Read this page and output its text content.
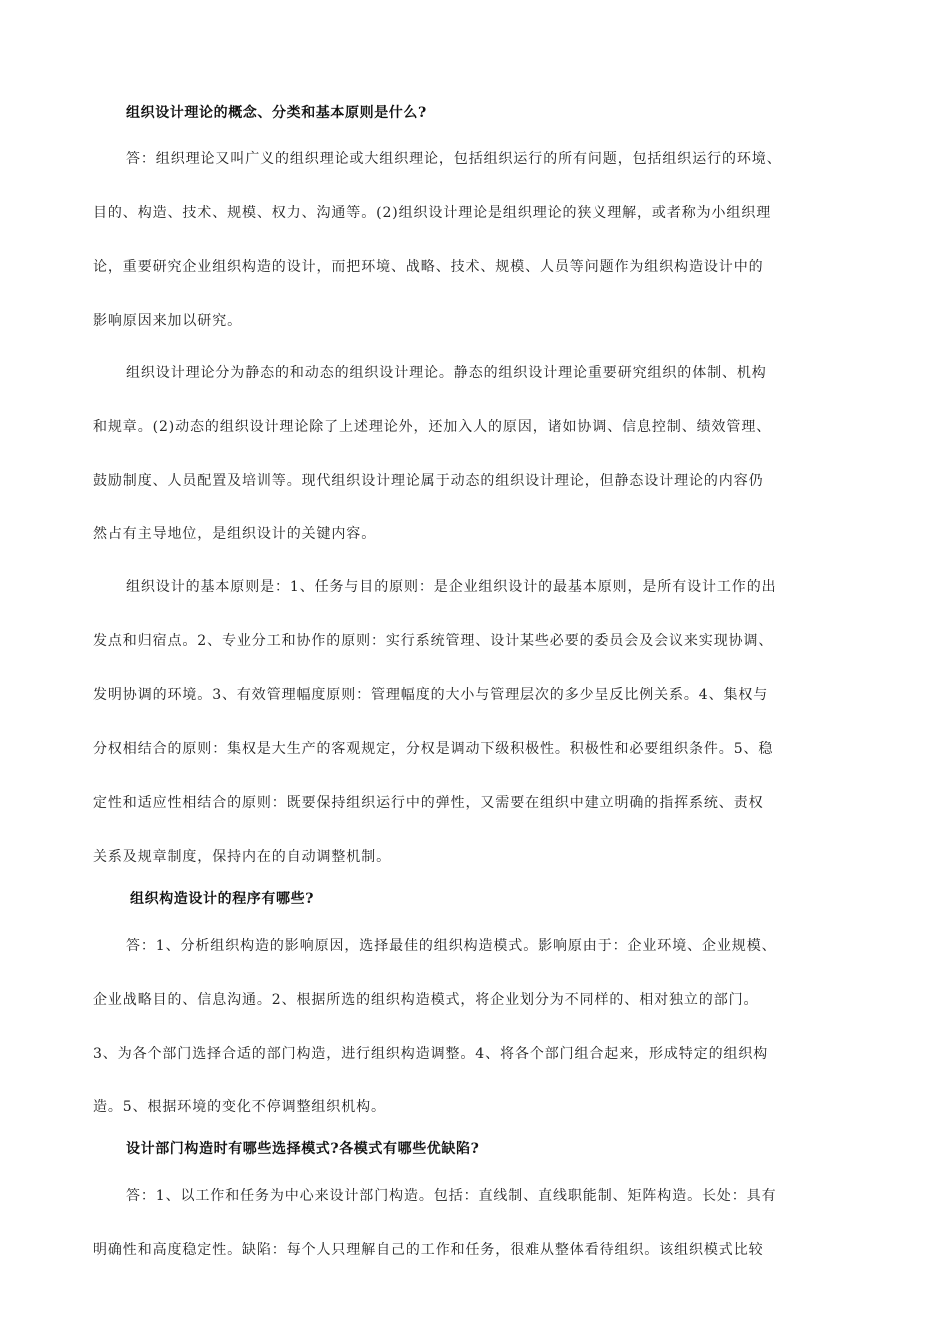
组织设计理论的概念、分类和基本原则是什么?
答：组织理论又叫广义的组织理论或大组织理论，包括组织运行的所有问题，包括组织运行的环境、
目的、构造、技术、规模、权力、沟通等。(2)组织设计理论是组织理论的狭义理解，或者称为小组织理
论，重要研究企业组织构造的设计，而把环境、战略、技术、规模、人员等问题作为组织构造设计中的
影响原因来加以研究。
组织设计理论分为静态的和动态的组织设计理论。静态的组织设计理论重要研究组织的体制、机构
和规章。(2)动态的组织设计理论除了上述理论外，还加入人的原因，诸如协调、信息控制、绩效管理、
鼓励制度、人员配置及培训等。现代组织设计理论属于动态的组织设计理论，但静态设计理论的内容仍
然占有主导地位，是组织设计的关键内容。
组织设计的基本原则是：1、任务与目的原则：是企业组织设计的最基本原则，是所有设计工作的出
发点和归宿点。2、专业分工和协作的原则：实行系统管理、设计某些必要的委员会及会议来实现协调、
发明协调的环境。3、有效管理幅度原则：管理幅度的大小与管理层次的多少呈反比例关系。4、集权与
分权相结合的原则：集权是大生产的客观规定，分权是调动下级积极性。积极性和必要组织条件。5、稳
定性和适应性相结合的原则：既要保持组织运行中的弹性，又需要在组织中建立明确的指挥系统、责权
关系及规章制度，保持内在的自动调整机制。
组织构造设计的程序有哪些?
答：1、分析组织构造的影响原因，选择最佳的组织构造模式。影响原由于：企业环境、企业规模、
企业战略目的、信息沟通。2、根据所选的组织构造模式，将企业划分为不同样的、相对独立的部门。
3、为各个部门选择合适的部门构造，进行组织构造调整。4、将各个部门组合起来，形成特定的组织构
造。5、根据环境的变化不停调整组织机构。
设计部门构造时有哪些选择模式?各模式有哪些优缺陷?
答：1、以工作和任务为中心来设计部门构造。包括：直线制、直线职能制、矩阵构造。长处：具有
明确性和高度稳定性。缺陷：每个人只理解自己的工作和任务，很难从整体看待组织。该组织模式比较
